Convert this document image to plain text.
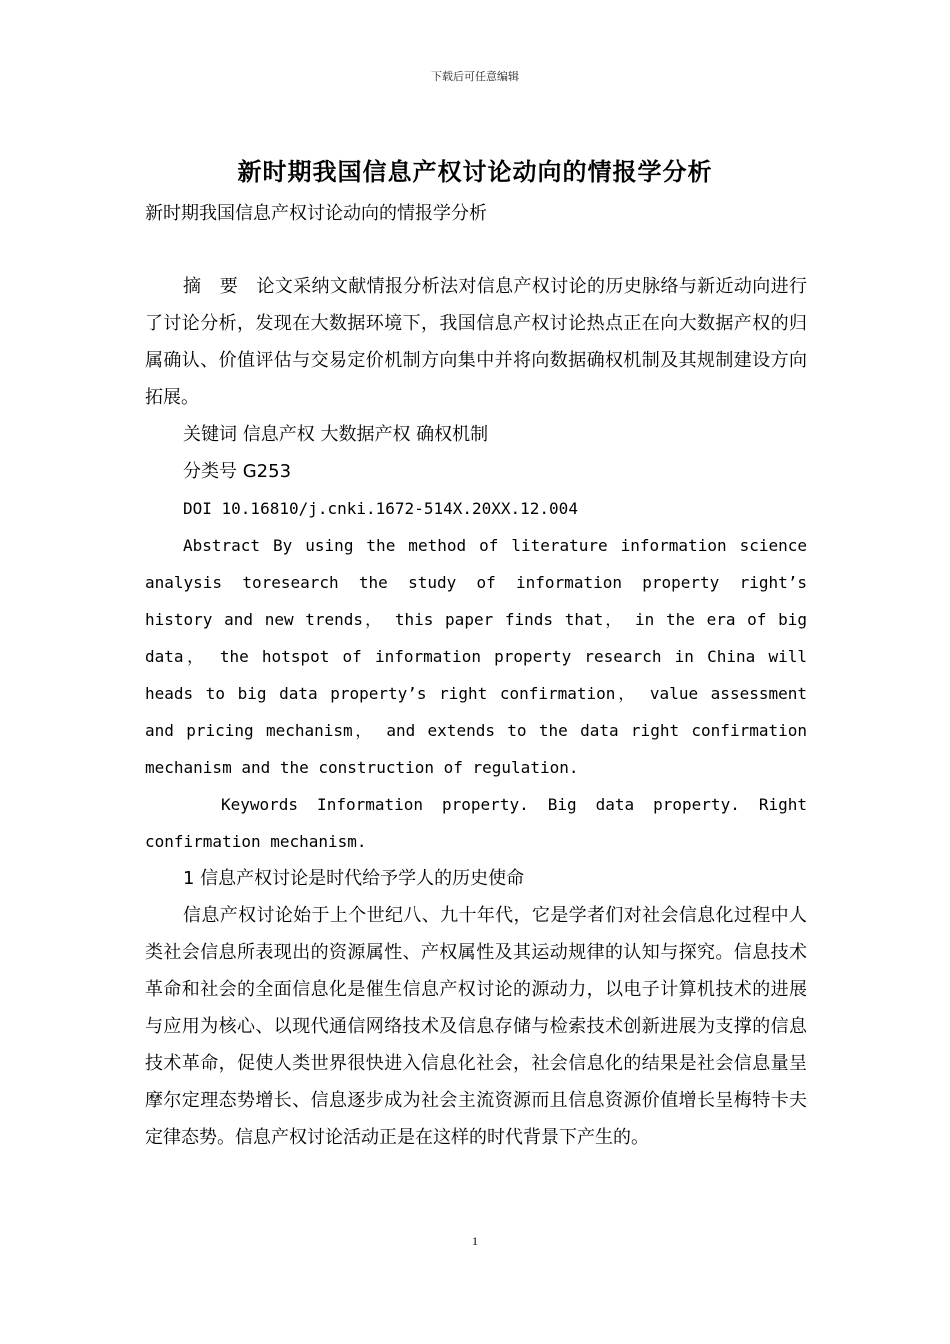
下载后可任意编辑
新时期我国信息产权讨论动向的情报学分析
新时期我国信息产权讨论动向的情报学分析

摘　要　论文采纳文献情报分析法对信息产权讨论的历史脉络与新近动向进行了讨论分析，发现在大数据环境下，我国信息产权讨论热点正在向大数据产权的归属确认、价值评估与交易定价机制方向集中并将向数据确权机制及其规制建设方向拓展。

关键词 信息产权 大数据产权 确权机制

分类号 G253

DOI 10.16810/j.cnki.1672-514X.20XX.12.004

Abstract By using the method of literature information science analysis toresearch the study of information property right’s history and new trends， this paper finds that， in the era of big data， the hotspot of information property research in China will heads to big data property’s right confirmation， value assessment and pricing mechanism， and extends to the data right confirmation mechanism and the construction of regulation.

Keywords Information property. Big data property. Right confirmation mechanism.

1 信息产权讨论是时代给予学人的历史使命

信息产权讨论始于上个世纪八、九十年代，它是学者们对社会信息化过程中人类社会信息所表现出的资源属性、产权属性及其运动规律的认知与探究。信息技术革命和社会的全面信息化是催生信息产权讨论的源动力，以电子计算机技术的进展与应用为核心、以现代通信网络技术及信息存储与检索技术创新进展为支撑的信息技术革命，促使人类世界很快进入信息化社会，社会信息化的结果是社会信息量呈摩尔定理态势增长、信息逐步成为社会主流资源而且信息资源价值增长呈梅特卡夫定律态势。信息产权讨论活动正是在这样的时代背景下产生的。

1
